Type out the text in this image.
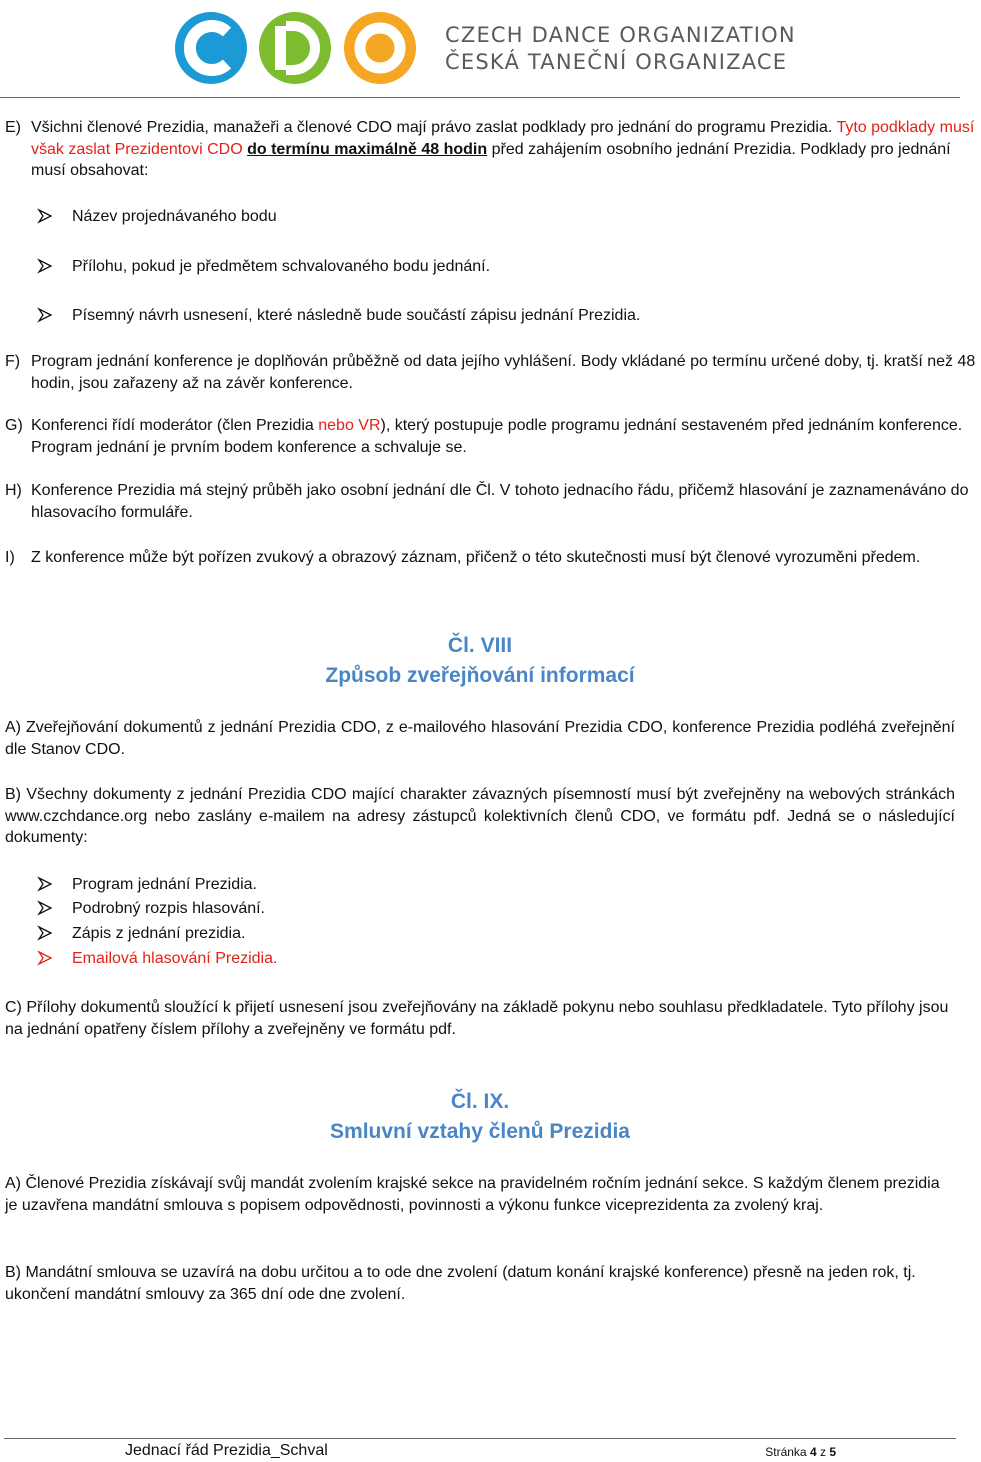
CZECH DANCE ORGANIZATION
ČESKÁ TANEČNÍ ORGANIZACE
E) Všichni členové Prezidia, manažeři a členové CDO mají právo zaslat podklady pro jednání do programu Prezidia. Tyto podklady musí však zaslat Prezidentovi CDO do termínu maximálně 48 hodin před zahájením osobního jednání Prezidia. Podklady pro jednání musí obsahovat:
Název projednávaného bodu
Přílohu, pokud je předmětem schvalovaného bodu jednání.
Písemný návrh usnesení, které následně bude součástí zápisu jednání Prezidia.
F) Program jednání konference je doplňován průběžně od data jejího vyhlášení. Body vkládané po termínu určené doby, tj. kratší než 48 hodin, jsou zařazeny až na závěr konference.
G) Konferenci řídí moderátor (člen Prezidia nebo VR), který postupuje podle programu jednání sestaveném před jednáním konference. Program jednání je prvním bodem konference a schvaluje se.
H) Konference Prezidia má stejný průběh jako osobní jednání dle Čl. V tohoto jednacího řádu, přičemž hlasování je zaznamenáváno do hlasovacího formuláře.
I) Z konference může být pořízen zvukový a obrazový záznam, přičenž o této skutečnosti musí být členové vyrozuměni předem.
Čl. VIII
Způsob zveřejňování informací
A) Zveřejňování dokumentů z jednání Prezidia CDO, z e-mailového hlasování Prezidia CDO, konference Prezidia podléhá zveřejnění dle Stanov CDO.
B) Všechny dokumenty z jednání Prezidia CDO mající charakter závazných písemností musí být zveřejněny na webových stránkách www.czchdance.org nebo zaslány e-mailem na adresy zástupců kolektivních členů CDO, ve formátu pdf. Jedná se o následující dokumenty:
Program jednání Prezidia.
Podrobný rozpis hlasování.
Zápis z jednání prezidia.
Emailová hlasování Prezidia.
C) Přílohy dokumentů sloužící k přijetí usnesení jsou zveřejňovány na základě pokynu nebo souhlasu předkladatele. Tyto přílohy jsou na jednání opatřeny číslem přílohy a zveřejněny ve formátu pdf.
Čl. IX.
Smluvní vztahy členů Prezidia
A) Členové Prezidia získávají svůj mandát zvolením krajské sekce na pravidelném ročním jednání sekce. S každým členem prezidia je uzavřena mandátní smlouva s popisem odpovědnosti, povinnosti a výkonu funkce viceprezidenta za zvolený kraj.
B) Mandátní smlouva se uzavírá na dobu určitou a to ode dne zvolení (datum konání krajské konference) přesně na jeden rok, tj. ukončení mandátní smlouvy za 365 dní ode dne zvolení.
Jednací řád Prezidia_Schval	Stránka 4 z 5
